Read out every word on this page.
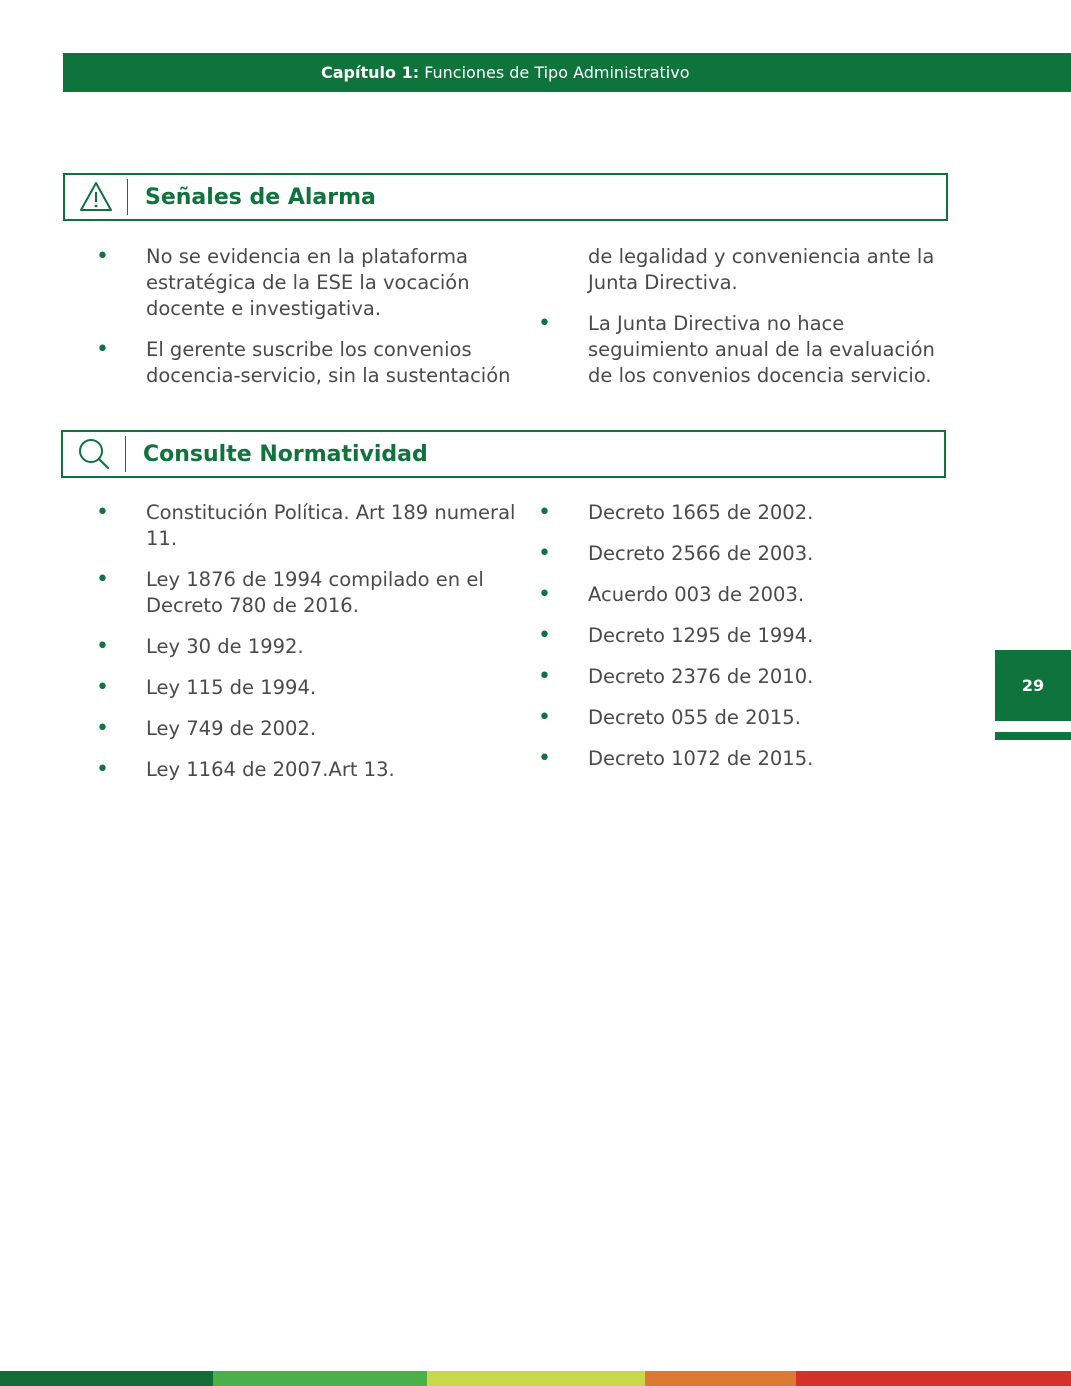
Capítulo 1: Funciones de Tipo Administrativo
Señales de Alarma
• No se evidencia en la plataforma estratégica de la ESE la vocación docente e investigativa.
• El gerente suscribe los convenios docencia-servicio, sin la sustentación
de legalidad y conveniencia ante la Junta Directiva.
• La Junta Directiva no hace seguimiento anual de la evaluación de los convenios docencia servicio.
Consulte Normatividad
• Constitución Política. Art 189 numeral 11.
• Ley 1876 de 1994 compilado en el Decreto 780 de 2016.
• Ley 30 de 1992.
• Ley 115 de 1994.
• Ley 749 de 2002.
• Ley 1164 de 2007.Art 13.
• Decreto 1665 de 2002.
• Decreto 2566 de 2003.
• Acuerdo 003 de 2003.
• Decreto 1295 de 1994.
• Decreto 2376 de 2010.
• Decreto 055 de 2015.
• Decreto 1072 de 2015.
29
